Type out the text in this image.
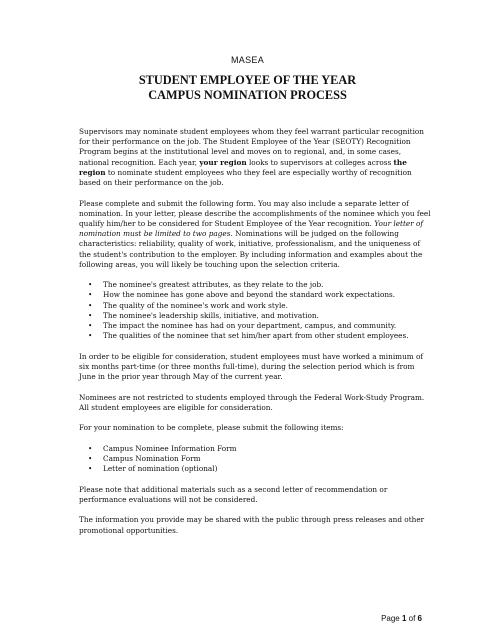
MASEA
STUDENT EMPLOYEE OF THE YEAR
CAMPUS NOMINATION PROCESS

Supervisors may nominate student employees whom they feel warrant particular recognition for their performance on the job. The Student Employee of the Year (SEOTY) Recognition Program begins at the institutional level and moves on to regional, and, in some cases, national recognition. Each year, your region looks to supervisors at colleges across the region to nominate student employees who they feel are especially worthy of recognition based on their performance on the job.

Please complete and submit the following form. You may also include a separate letter of nomination. In your letter, please describe the accomplishments of the nominee which you feel qualify him/her to be considered for Student Employee of the Year recognition. Your letter of nomination must be limited to two pages. Nominations will be judged on the following characteristics: reliability, quality of work, initiative, professionalism, and the uniqueness of the student's contribution to the employer. By including information and examples about the following areas, you will likely be touching upon the selection criteria.

• The nominee's greatest attributes, as they relate to the job.
• How the nominee has gone above and beyond the standard work expectations.
• The quality of the nominee's work and work style.
• The nominee's leadership skills, initiative, and motivation.
• The impact the nominee has had on your department, campus, and community.
• The qualities of the nominee that set him/her apart from other student employees.

In order to be eligible for consideration, student employees must have worked a minimum of six months part-time (or three months full-time), during the selection period which is from June in the prior year through May of the current year.

Nominees are not restricted to students employed through the Federal Work-Study Program.
All student employees are eligible for consideration.

For your nomination to be complete, please submit the following items:

• Campus Nominee Information Form
• Campus Nomination Form
• Letter of nomination (optional)

Please note that additional materials such as a second letter of recommendation or performance evaluations will not be considered.

The information you provide may be shared with the public through press releases and other promotional opportunities.

Page 1 of 6
